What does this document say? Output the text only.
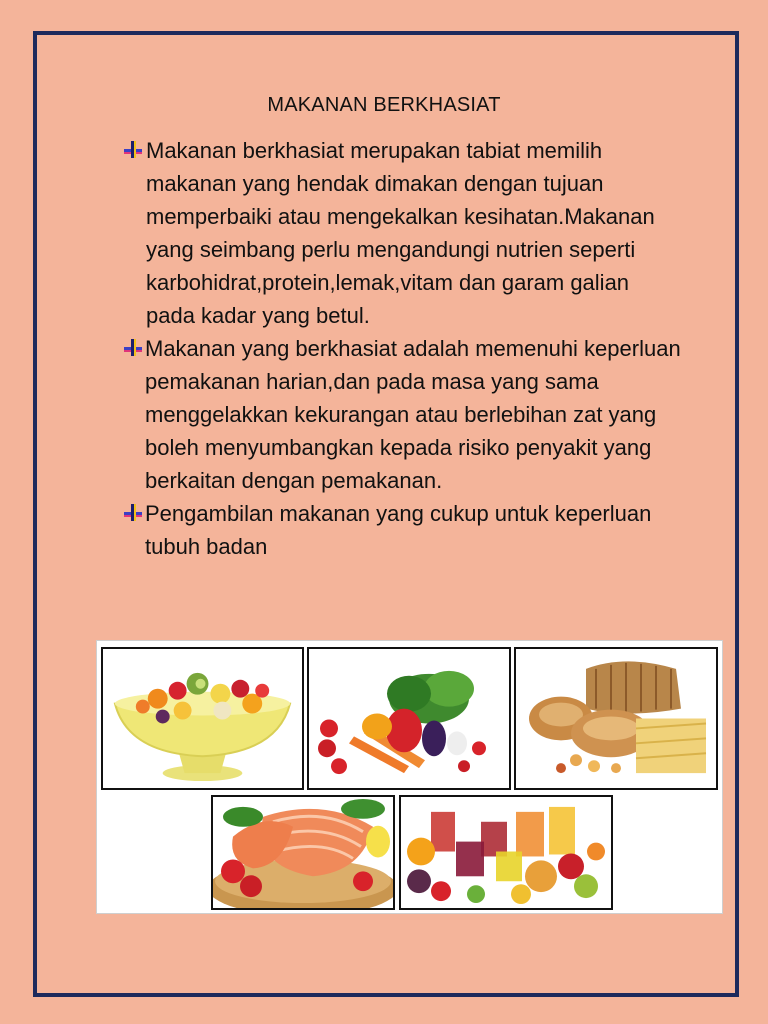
MAKANAN BERKHASIAT
Makanan berkhasiat merupakan tabiat memilih makanan yang hendak dimakan dengan tujuan memperbaiki atau mengekalkan kesihatan.Makanan yang seimbang perlu mengandungi nutrien seperti karbohidrat,protein,lemak,vitam dan garam galian pada kadar yang betul.
Makanan yang berkhasiat adalah memenuhi keperluan pemakanan harian,dan pada masa yang sama menggelakkan kekurangan atau berlebihan zat yang boleh menyumbangkan kepada risiko penyakit yang berkaitan dengan pemakanan.
Pengambilan makanan yang cukup untuk keperluan tubuh badan
